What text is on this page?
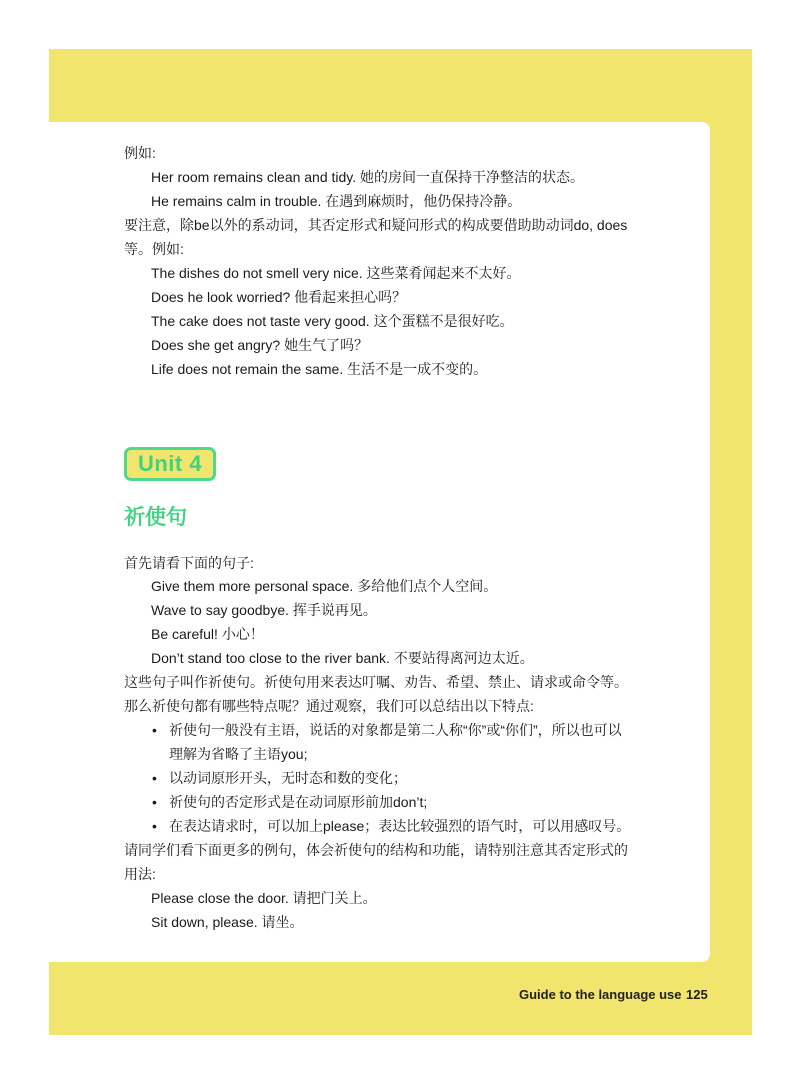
例如:
Her room remains clean and tidy. 她的房间一直保持干净整洁的状态。
He remains calm in trouble. 在遇到麻烦时，他仍保持冷静。
要注意，除be以外的系动词，其否定形式和疑问形式的构成要借助助动词do, does
等。例如:
The dishes do not smell very nice. 这些菜肴闻起来不太好。
Does he look worried? 他看起来担心吗？
The cake does not taste very good. 这个蛋糕不是很好吃。
Does she get angry? 她生气了吗？
Life does not remain the same. 生活不是一成不变的。
Unit 4
祈使句
首先请看下面的句子:
Give them more personal space. 多给他们点个人空间。
Wave to say goodbye. 挥手说再见。
Be careful! 小心！
Don’t stand too close to the river bank. 不要站得离河边太近。
这些句子叫作祈使句。祈使句用来表达叮嘱、劝告、希望、禁止、请求或命令等。
那么祈使句都有哪些特点呢？通过观察，我们可以总结出以下特点:
• 祈使句一般没有主语，说话的对象都是第二人称“你”或“你们”，所以也可以
理解为省略了主语you;
• 以动词原形开头，无时态和数的变化；
• 祈使句的否定形式是在动词原形前加don’t;
• 在表达请求时，可以加上please；表达比较强烈的语气时，可以用感叹号。
请同学们看下面更多的例句，体会祈使句的结构和功能，请特别注意其否定形式的
用法:
Please close the door. 请把门关上。
Sit down, please. 请坐。
Guide to the language use 125
